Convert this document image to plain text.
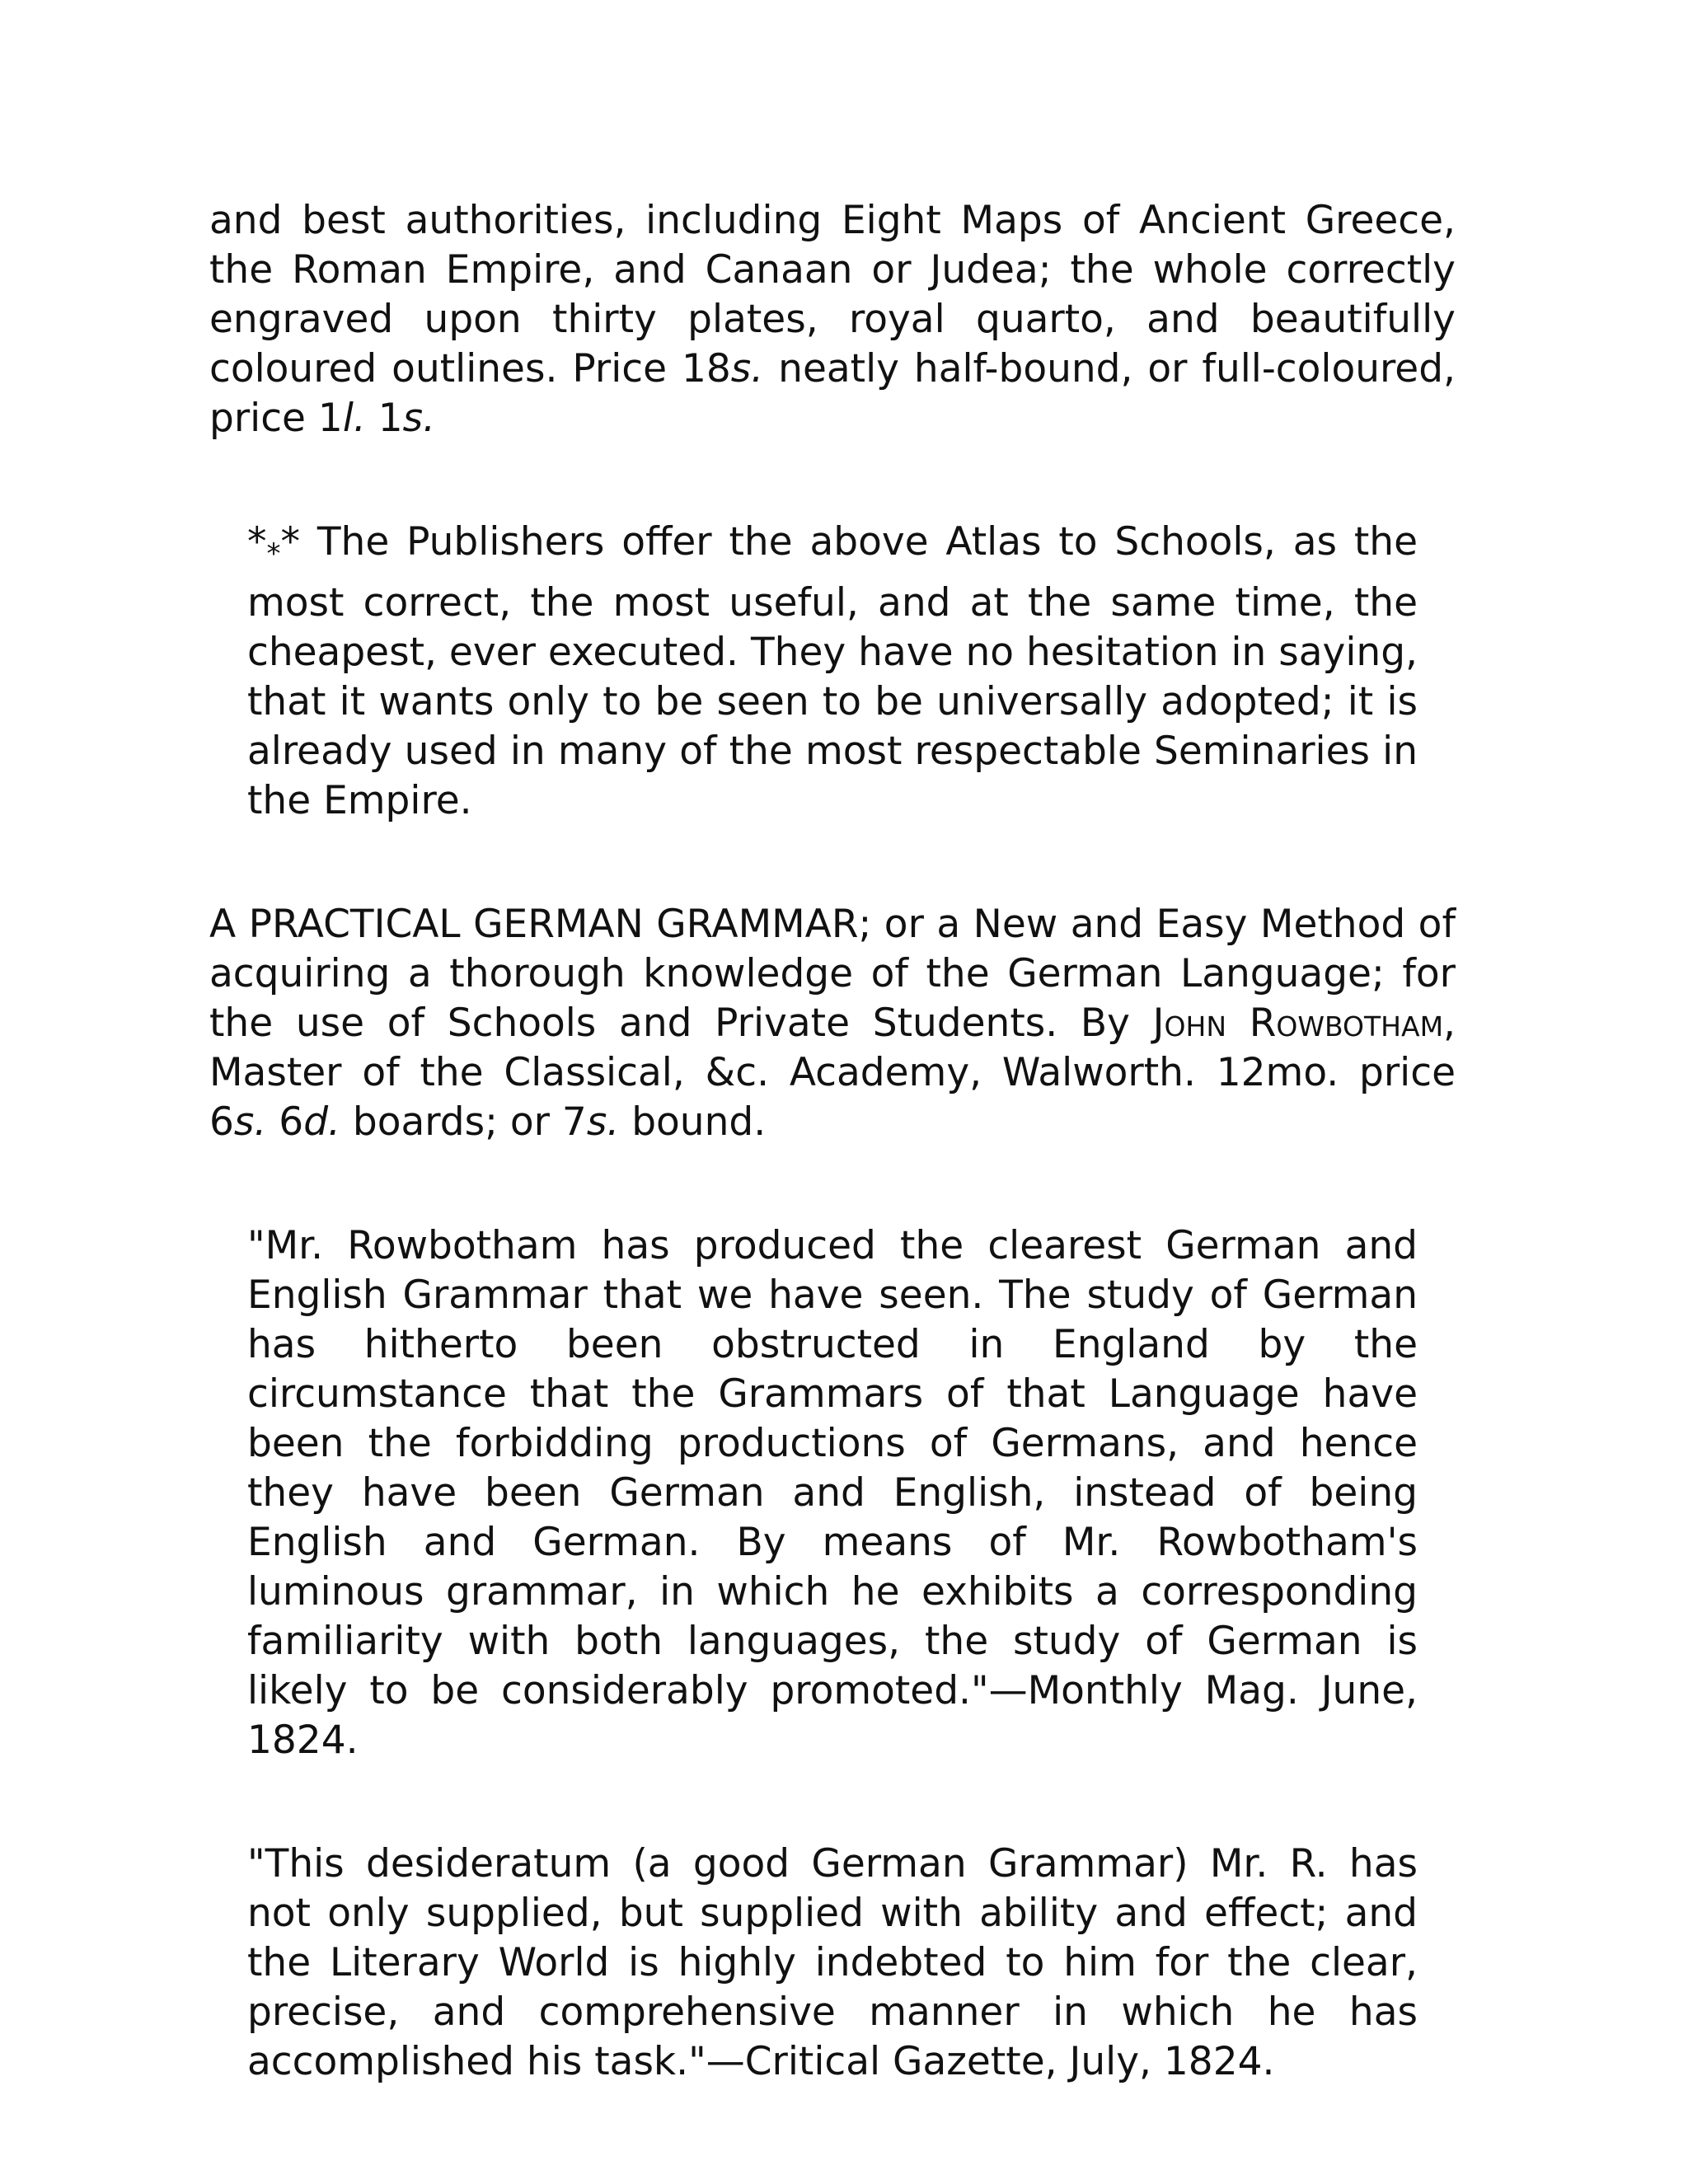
and best authorities, including Eight Maps of Ancient Greece, the Roman Empire, and Canaan or Judea; the whole correctly engraved upon thirty plates, royal quarto, and beautifully coloured outlines. Price 18s. neatly half-bound, or full-coloured, price 1l. 1s.

$*_**$ The Publishers offer the above Atlas to Schools, as the most correct, the most useful, and at the same time, the cheapest, ever executed. They have no hesitation in saying, that it wants only to be seen to be universally adopted; it is already used in many of the most respectable Seminaries in the Empire.

A PRACTICAL GERMAN GRAMMAR; or a New and Easy Method of acquiring a thorough knowledge of the German Language; for the use of Schools and Private Students. By John Rowbotham, Master of the Classical, &c. Academy, Walworth. 12mo. price 6s. 6d. boards; or 7s. bound.

"Mr. Rowbotham has produced the clearest German and English Grammar that we have seen. The study of German has hitherto been obstructed in England by the circumstance that the Grammars of that Language have been the forbidding productions of Germans, and hence they have been German and English, instead of being English and German. By means of Mr. Rowbotham's luminous grammar, in which he exhibits a corresponding familiarity with both languages, the study of German is likely to be considerably promoted."—Monthly Mag. June, 1824.

"This desideratum (a good German Grammar) Mr. R. has not only supplied, but supplied with ability and effect; and the Literary World is highly indebted to him for the clear, precise, and comprehensive manner in which he has accomplished his task."—Critical Gazette, July, 1824.
